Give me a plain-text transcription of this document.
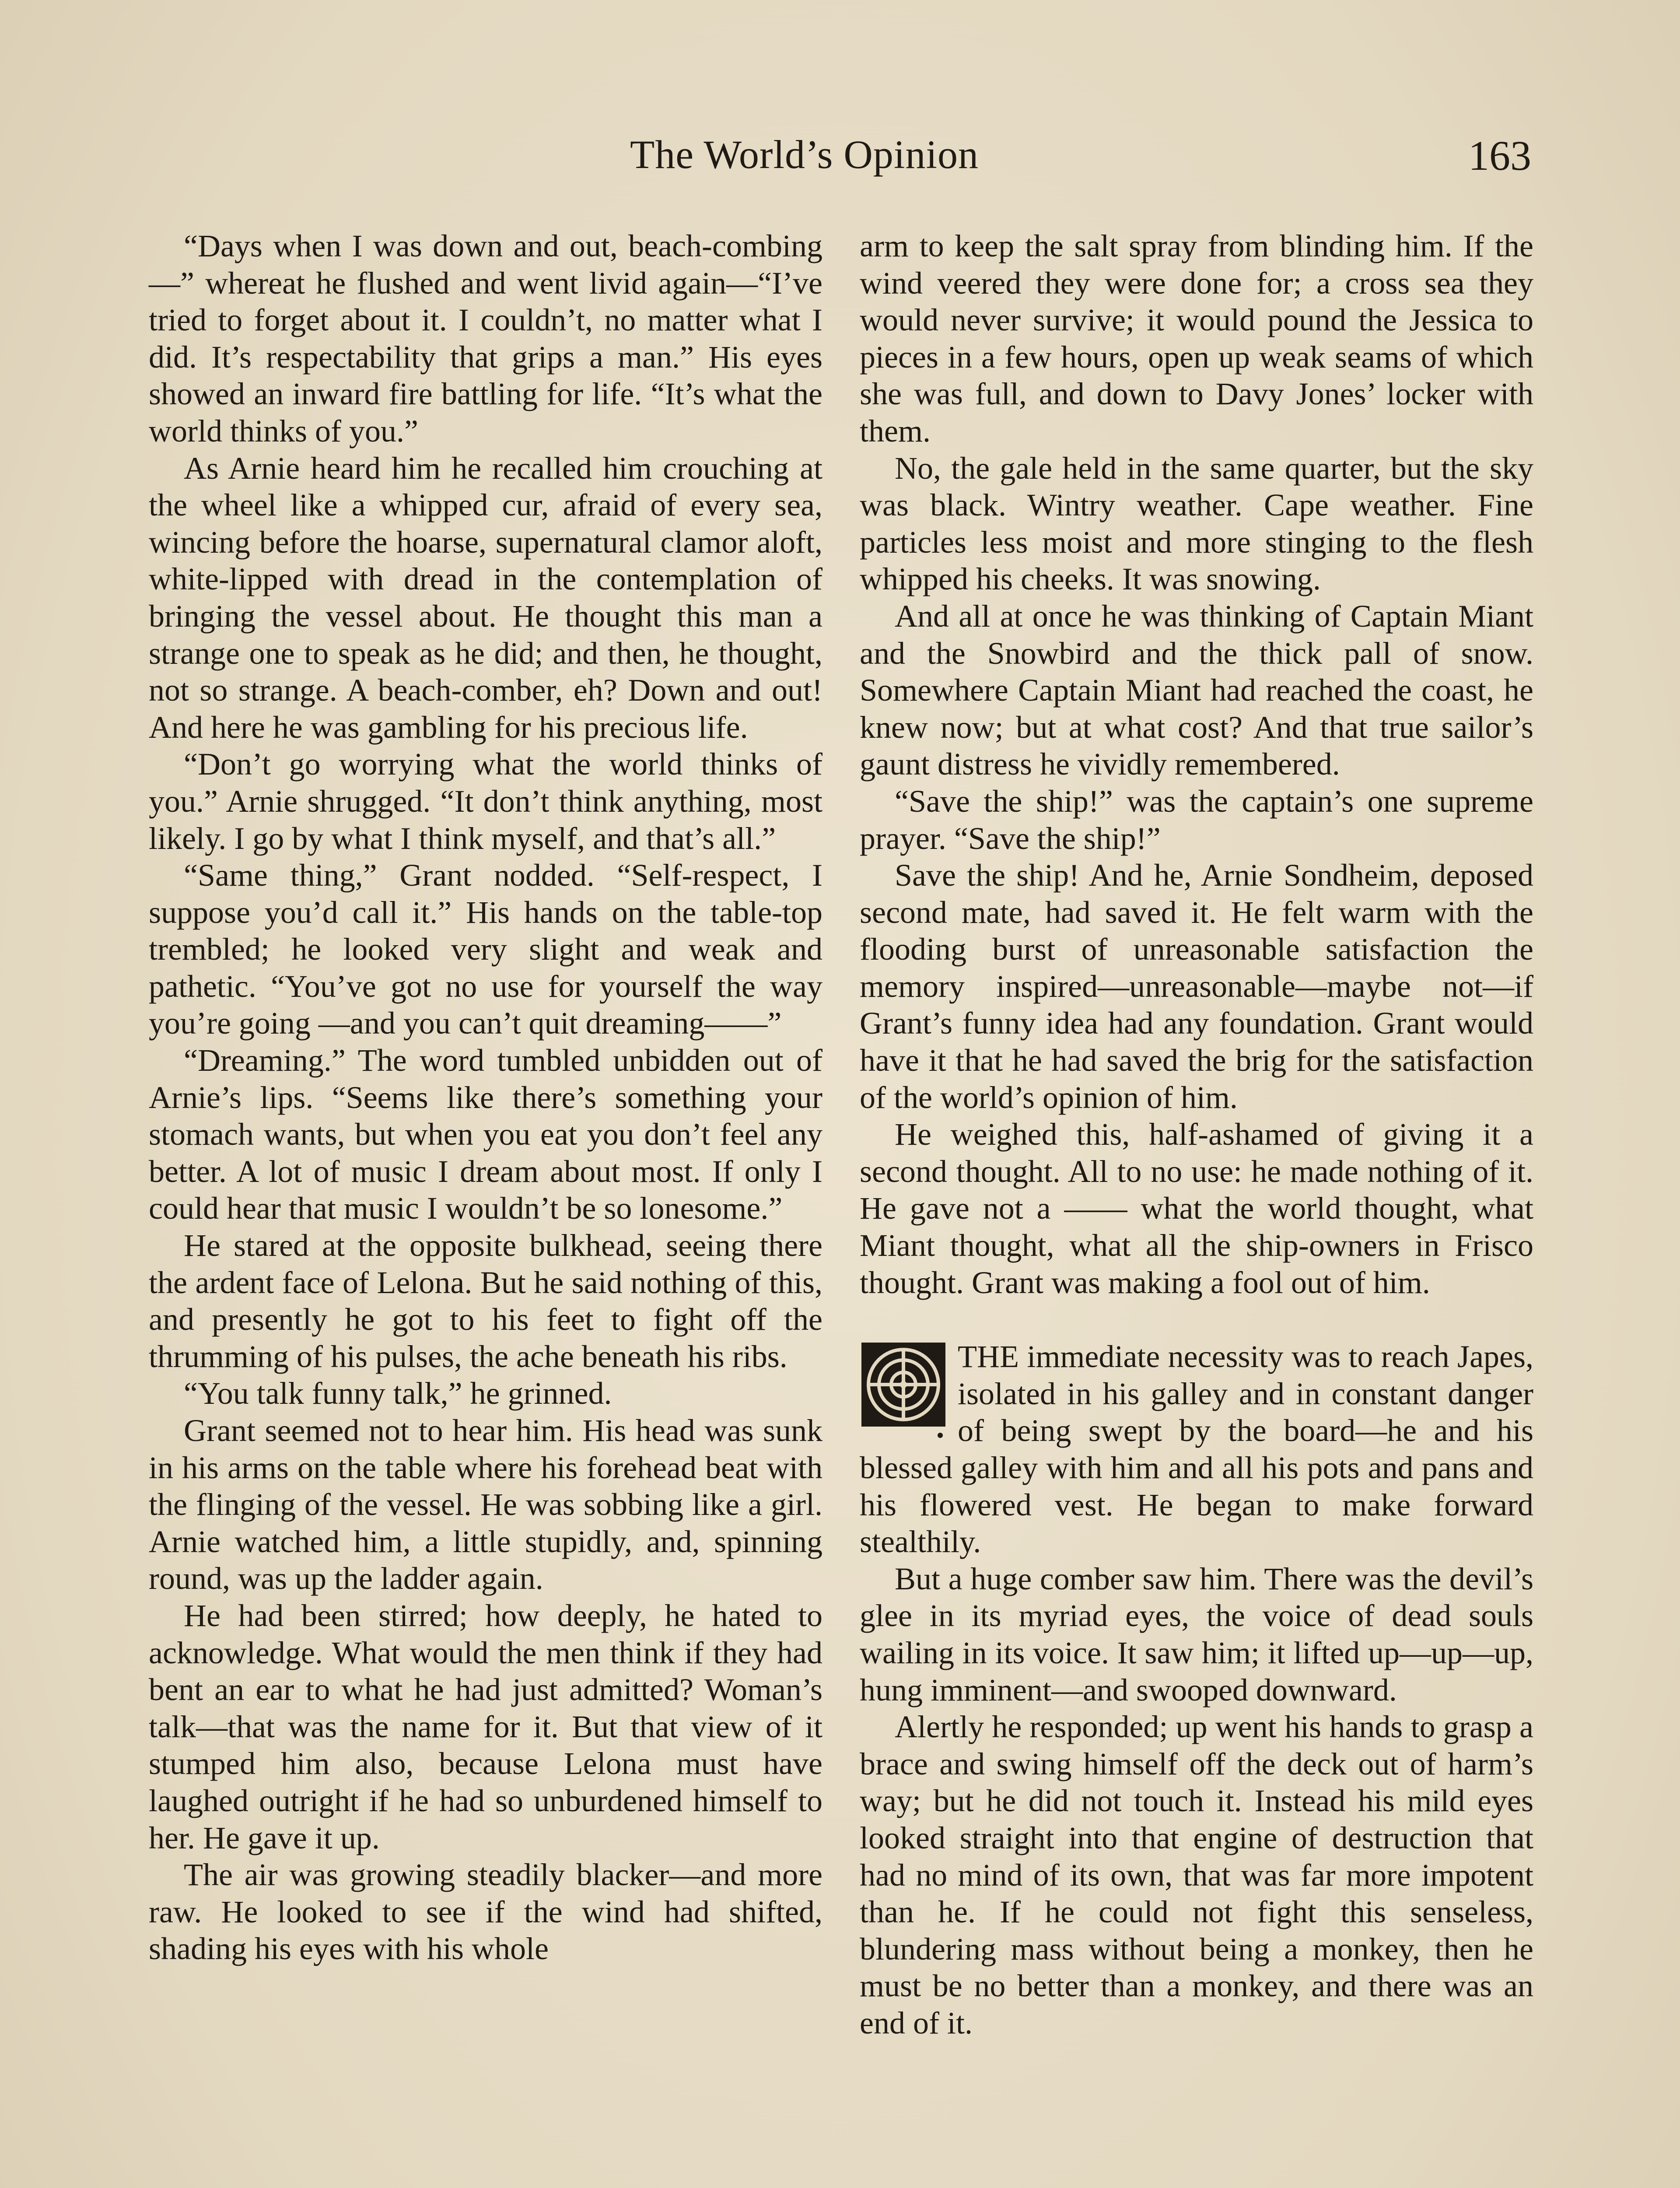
The World’s Opinion	163

“Days when I was down and out, beach-combing—” whereat he flushed and went livid again—“I’ve tried to forget about it. I couldn’t, no matter what I did. It’s respectability that grips a man.” His eyes showed an inward fire battling for life. “It’s what the world thinks of you.”

As Arnie heard him he recalled him crouching at the wheel like a whipped cur, afraid of every sea, wincing before the hoarse, supernatural clamor aloft, white-lipped with dread in the contemplation of bringing the vessel about. He thought this man a strange one to speak as he did; and then, he thought, not so strange. A beach-comber, eh? Down and out! And here he was gambling for his precious life.

“Don’t go worrying what the world thinks of you.” Arnie shrugged. “It don’t think anything, most likely. I go by what I think myself, and that’s all.”

“Same thing,” Grant nodded. “Self-respect, I suppose you’d call it.” His hands on the table-top trembled; he looked very slight and weak and pathetic. “You’ve got no use for yourself the way you’re going —and you can’t quit dreaming——”

“Dreaming.” The word tumbled unbidden out of Arnie’s lips. “Seems like there’s something your stomach wants, but when you eat you don’t feel any better. A lot of music I dream about most. If only I could hear that music I wouldn’t be so lonesome.”

He stared at the opposite bulkhead, seeing there the ardent face of Lelona. But he said nothing of this, and presently he got to his feet to fight off the thrumming of his pulses, the ache beneath his ribs.

“You talk funny talk,” he grinned.

Grant seemed not to hear him. His head was sunk in his arms on the table where his forehead beat with the flinging of the vessel. He was sobbing like a girl. Arnie watched him, a little stupidly, and, spinning round, was up the ladder again.

He had been stirred; how deeply, he hated to acknowledge. What would the men think if they had bent an ear to what he had just admitted? Woman’s talk—that was the name for it. But that view of it stumped him also, because Lelona must have laughed outright if he had so unburdened himself to her. He gave it up.

The air was growing steadily blacker—and more raw. He looked to see if the wind had shifted, shading his eyes with his whole

arm to keep the salt spray from blinding him. If the wind veered they were done for; a cross sea they would never survive; it would pound the Jessica to pieces in a few hours, open up weak seams of which she was full, and down to Davy Jones’ locker with them.

No, the gale held in the same quarter, but the sky was black. Wintry weather. Cape weather. Fine particles less moist and more stinging to the flesh whipped his cheeks. It was snowing.

And all at once he was thinking of Captain Miant and the Snowbird and the thick pall of snow. Somewhere Captain Miant had reached the coast, he knew now; but at what cost? And that true sailor’s gaunt distress he vividly remembered.

“Save the ship!” was the captain’s one supreme prayer. “Save the ship!”

Save the ship! And he, Arnie Sondheim, deposed second mate, had saved it. He felt warm with the flooding burst of unreasonable satisfaction the memory inspired—unreasonable—maybe not—if Grant’s funny idea had any foundation. Grant would have it that he had saved the brig for the satisfaction of the world’s opinion of him.

He weighed this, half-ashamed of giving it a second thought. All to no use: he made nothing of it. He gave not a —— what the world thought, what Miant thought, what all the ship-owners in Frisco thought. Grant was making a fool out of him.

THE immediate necessity was to reach Japes, isolated in his galley and in constant danger of being swept by the board—he and his blessed galley with him and all his pots and pans and his flowered vest. He began to make forward stealthily.

But a huge comber saw him. There was the devil’s glee in its myriad eyes, the voice of dead souls wailing in its voice. It saw him; it lifted up—up—up, hung imminent—and swooped downward.

Alertly he responded; up went his hands to grasp a brace and swing himself off the deck out of harm’s way; but he did not touch it. Instead his mild eyes looked straight into that engine of destruction that had no mind of its own, that was far more impotent than he. If he could not fight this senseless, blundering mass without being a monkey, then he must be no better than a monkey, and there was an end of it.
